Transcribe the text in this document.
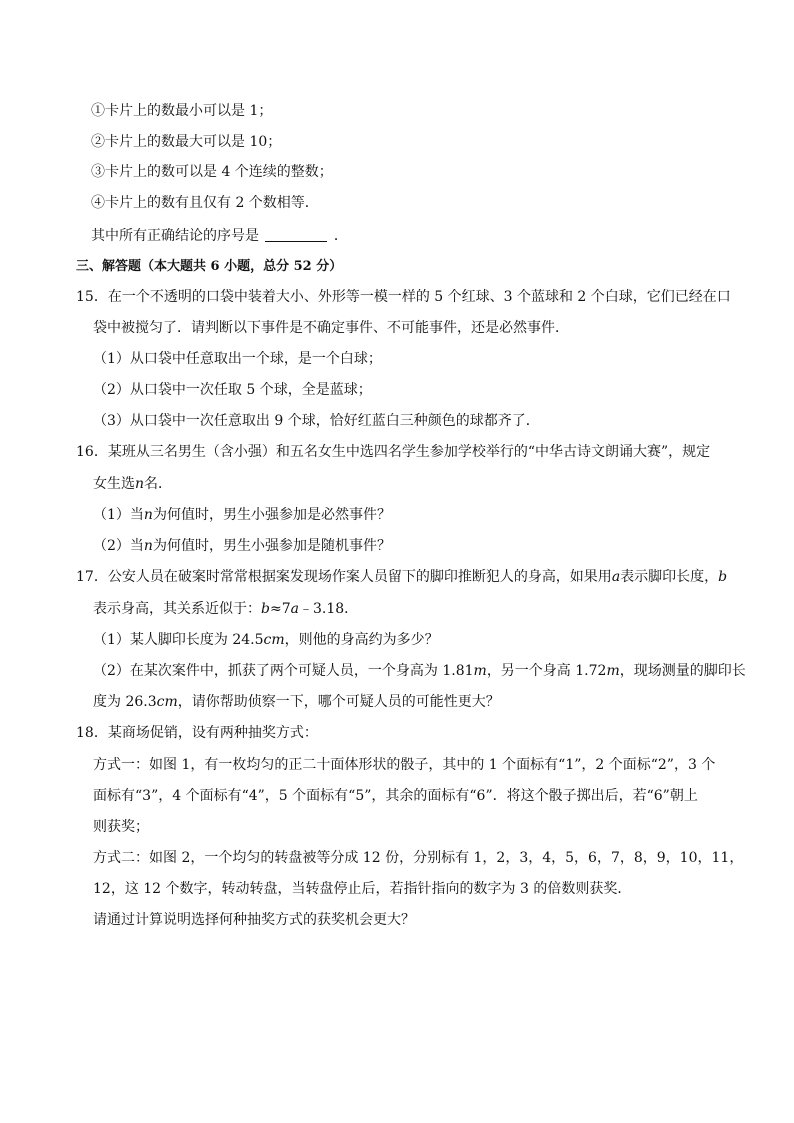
①卡片上的数最小可以是 1；
②卡片上的数最大可以是 10；
③卡片上的数可以是 4 个连续的整数；
④卡片上的数有且仅有 2 个数相等．
其中所有正确结论的序号是	．
三、解答题（本大题共 6 小题，总分 52 分）
15．在一个不透明的口袋中装着大小、外形等一模一样的 5 个红球、3 个蓝球和 2 个白球，它们已经在口
袋中被搅匀了．请判断以下事件是不确定事件、不可能事件，还是必然事件．
（1）从口袋中任意取出一个球，是一个白球；
（2）从口袋中一次任取 5 个球，全是蓝球；
（3）从口袋中一次任意取出 9 个球，恰好红蓝白三种颜色的球都齐了．
16．某班从三名男生（含小强）和五名女生中选四名学生参加学校举行的“中华古诗文朗诵大赛”，规定
女生选n名．
（1）当n为何值时，男生小强参加是必然事件？
（2）当n为何值时，男生小强参加是随机事件？
17．公安人员在破案时常常根据案发现场作案人员留下的脚印推断犯人的身高，如果用a表示脚印长度，b
表示身高，其关系近似于：b≈7a﹣3.18．
（1）某人脚印长度为 24.5cm，则他的身高约为多少？
（2）在某次案件中，抓获了两个可疑人员，一个身高为 1.81m，另一个身高 1.72m，现场测量的脚印长
度为 26.3cm，请你帮助侦察一下，哪个可疑人员的可能性更大？
18．某商场促销，设有两种抽奖方式：
方式一：如图 1，有一枚均匀的正二十面体形状的骰子，其中的 1 个面标有“1”，2 个面标“2”，3 个
面标有“3”，4 个面标有“4”，5 个面标有“5”，其余的面标有“6”．将这个骰子掷出后，若“6”朝上
则获奖；
方式二：如图 2，一个均匀的转盘被等分成 12 份，分别标有 1，2，3，4，5，6，7，8，9，10，11，
12，这 12 个数字，转动转盘，当转盘停止后，若指针指向的数字为 3 的倍数则获奖．
请通过计算说明选择何种抽奖方式的获奖机会更大？
